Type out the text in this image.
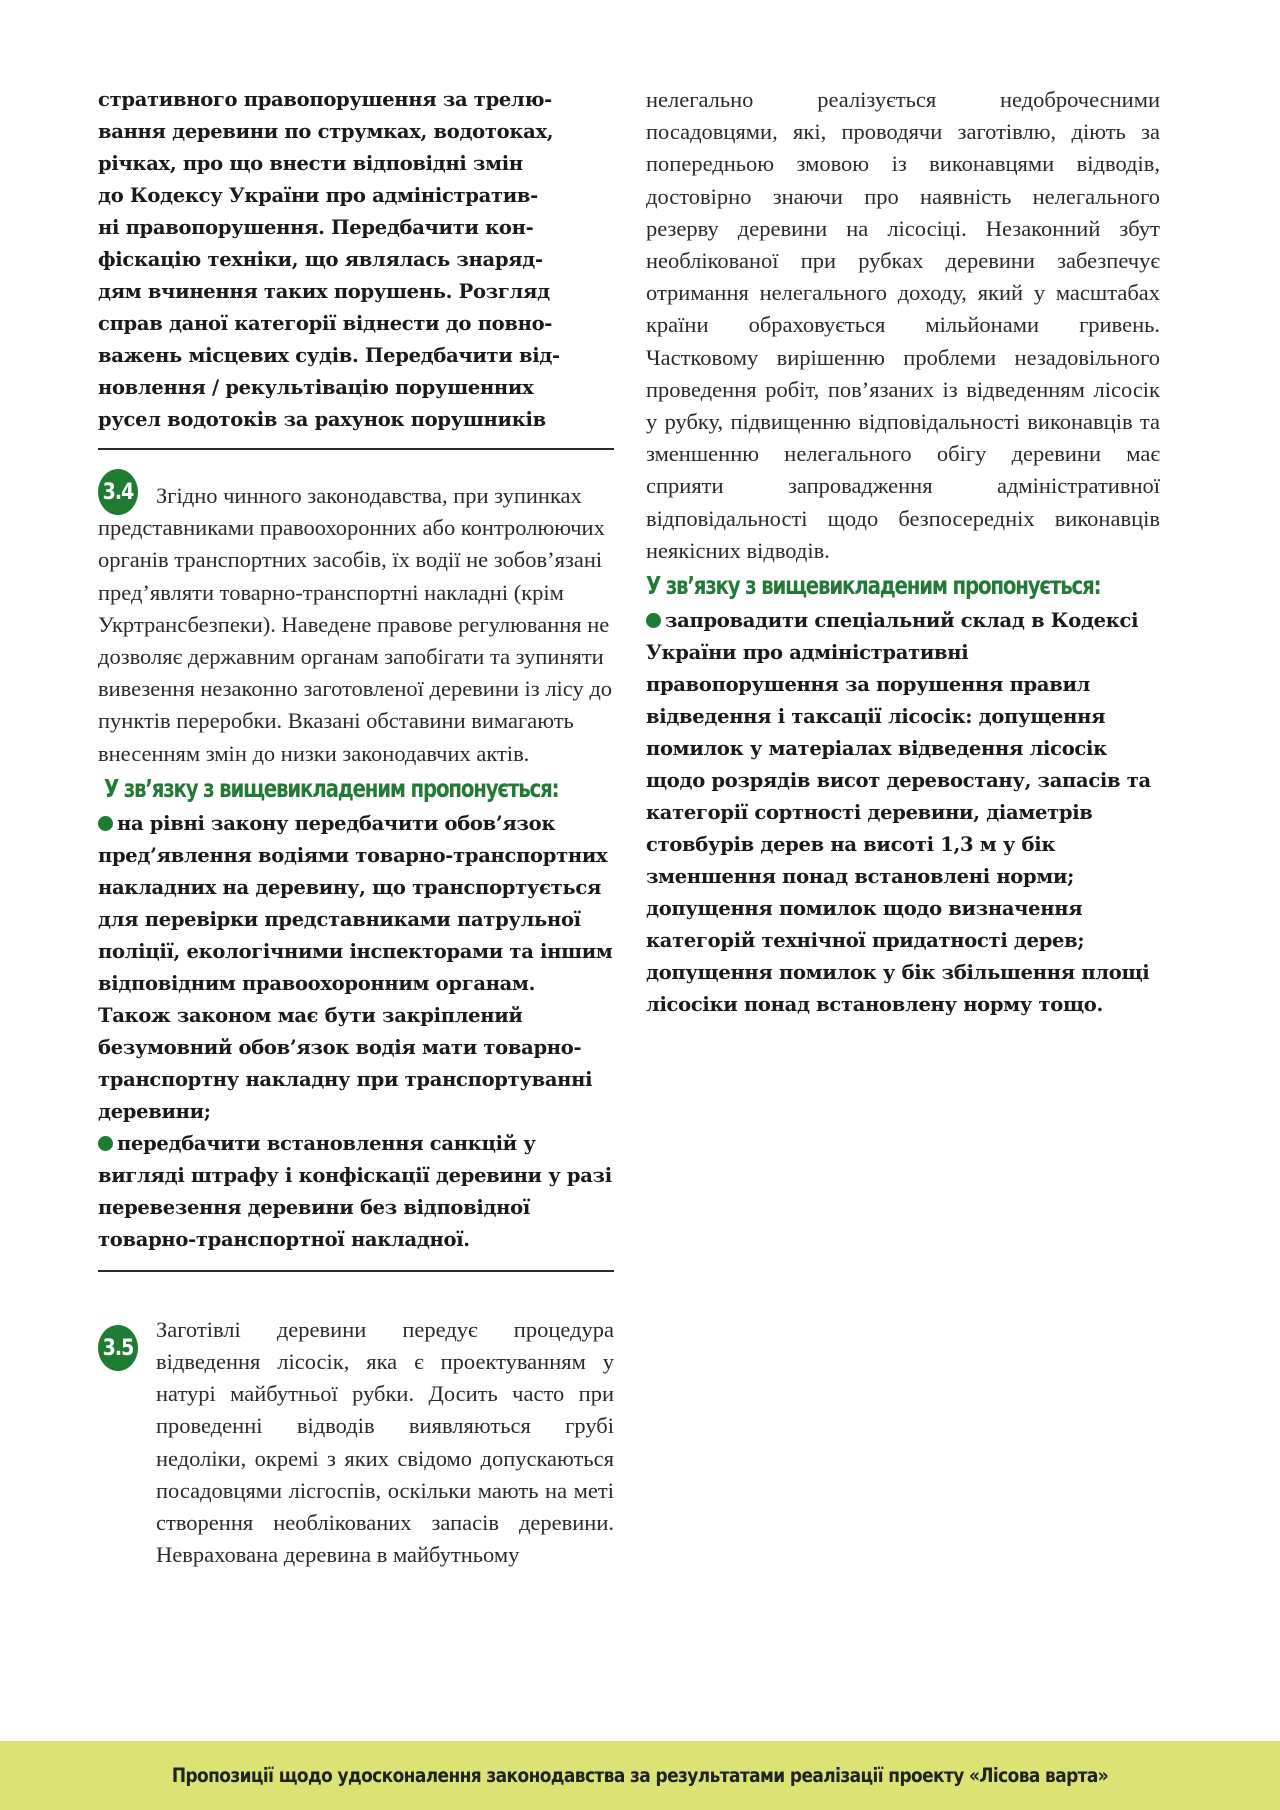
стративного правопорушення за трелю-
вання деревини по струмках, водотоках,
річках, про що внести відповідні змін
до Кодексу України про адміністратив-
ні правопорушення. Передбачити кон-
фіскацію техніки, що являлась знаряд-
дям вчинення таких порушень. Розгляд
справ даної категорії віднести до повно-
важень місцевих судів. Передбачити від-
новлення / рекультівацію порушенних
русел водотоків за рахунок порушників
3.4	Згідно чинного законодавства, при зупинках представниками правоохоронних або контролюючих органів транспортних засобів, їх водії не зобов’язані пред’являти товарно-транспортні накладні (крім Укртрансбезпеки). Наведене правове регулювання не дозволяє державним органам запобігати та зупиняти вивезення незаконно заготовленої деревини із лісу до пунктів переробки. Вказані обставини вимагають внесенням змін до низки законодавчих актів.
У зв’язку з вищевикладеним пропонується:
на рівні закону передбачити обов’язок пред’явлення водіями товарно-транспортних накладних на деревину, що транспортується для перевірки представниками патрульної поліції, екологічними інспекторами та іншим відповідним правоохоронним органам. Також законом має бути закріплений безумовний обов’язок водія мати товарно-транспортну накладну при транспортуванні деревини;
передбачити встановлення санкцій у вигляді штрафу і конфіскації деревини у разі перевезення деревини без відповідної товарно-транспортної накладної.
3.5
Заготівлі деревини передує процедура відведення лісосік, яка є проектуванням у натурі майбутньої рубки. Досить часто при проведенні відводів виявляються грубі недоліки, окремі з яких свідомо допускаються посадовцями лісгоспів, оскільки мають на меті створення необлікованих запасів деревини. Неврахована деревина в майбутньому
нелегально реалізується недоброчесними посадовцями, які, проводячи заготівлю, діють за попередньою змовою із виконавцями відводів, достовірно знаючи про наявність нелегального резерву деревини на лісосіці. Незаконний збут необлікованої при рубках деревини забезпечує отримання нелегального доходу, який у масштабах країни обраховується мільйонами гривень. Частковому вирішенню проблеми незадовільного проведення робіт, пов’язаних із відведенням лісосік у рубку, підвищенню відповідальності виконавців та зменшенню нелегального обігу деревини має сприяти запровадження адміністративної відповідальності щодо безпосередніх виконавців неякісних відводів.
У зв’язку з вищевикладеним пропонується:
запровадити спеціальний склад в Кодексі України про адміністративні правопорушення за порушення правил відведення і таксації лісосік: допущення помилок у матеріалах відведення лісосік щодо розрядів висот деревостану, запасів та категорії сортності деревини, діаметрів стовбурів дерев на висоті 1,3 м у бік зменшення понад встановлені норми; допущення помилок щодо визначення категорій технічної придатності дерев; допущення помилок у бік збільшення площі лісосіки понад встановлену норму тощо.
Пропозиції щодо удосконалення законодавства за результатами реалізації проекту «Лісова варта»
